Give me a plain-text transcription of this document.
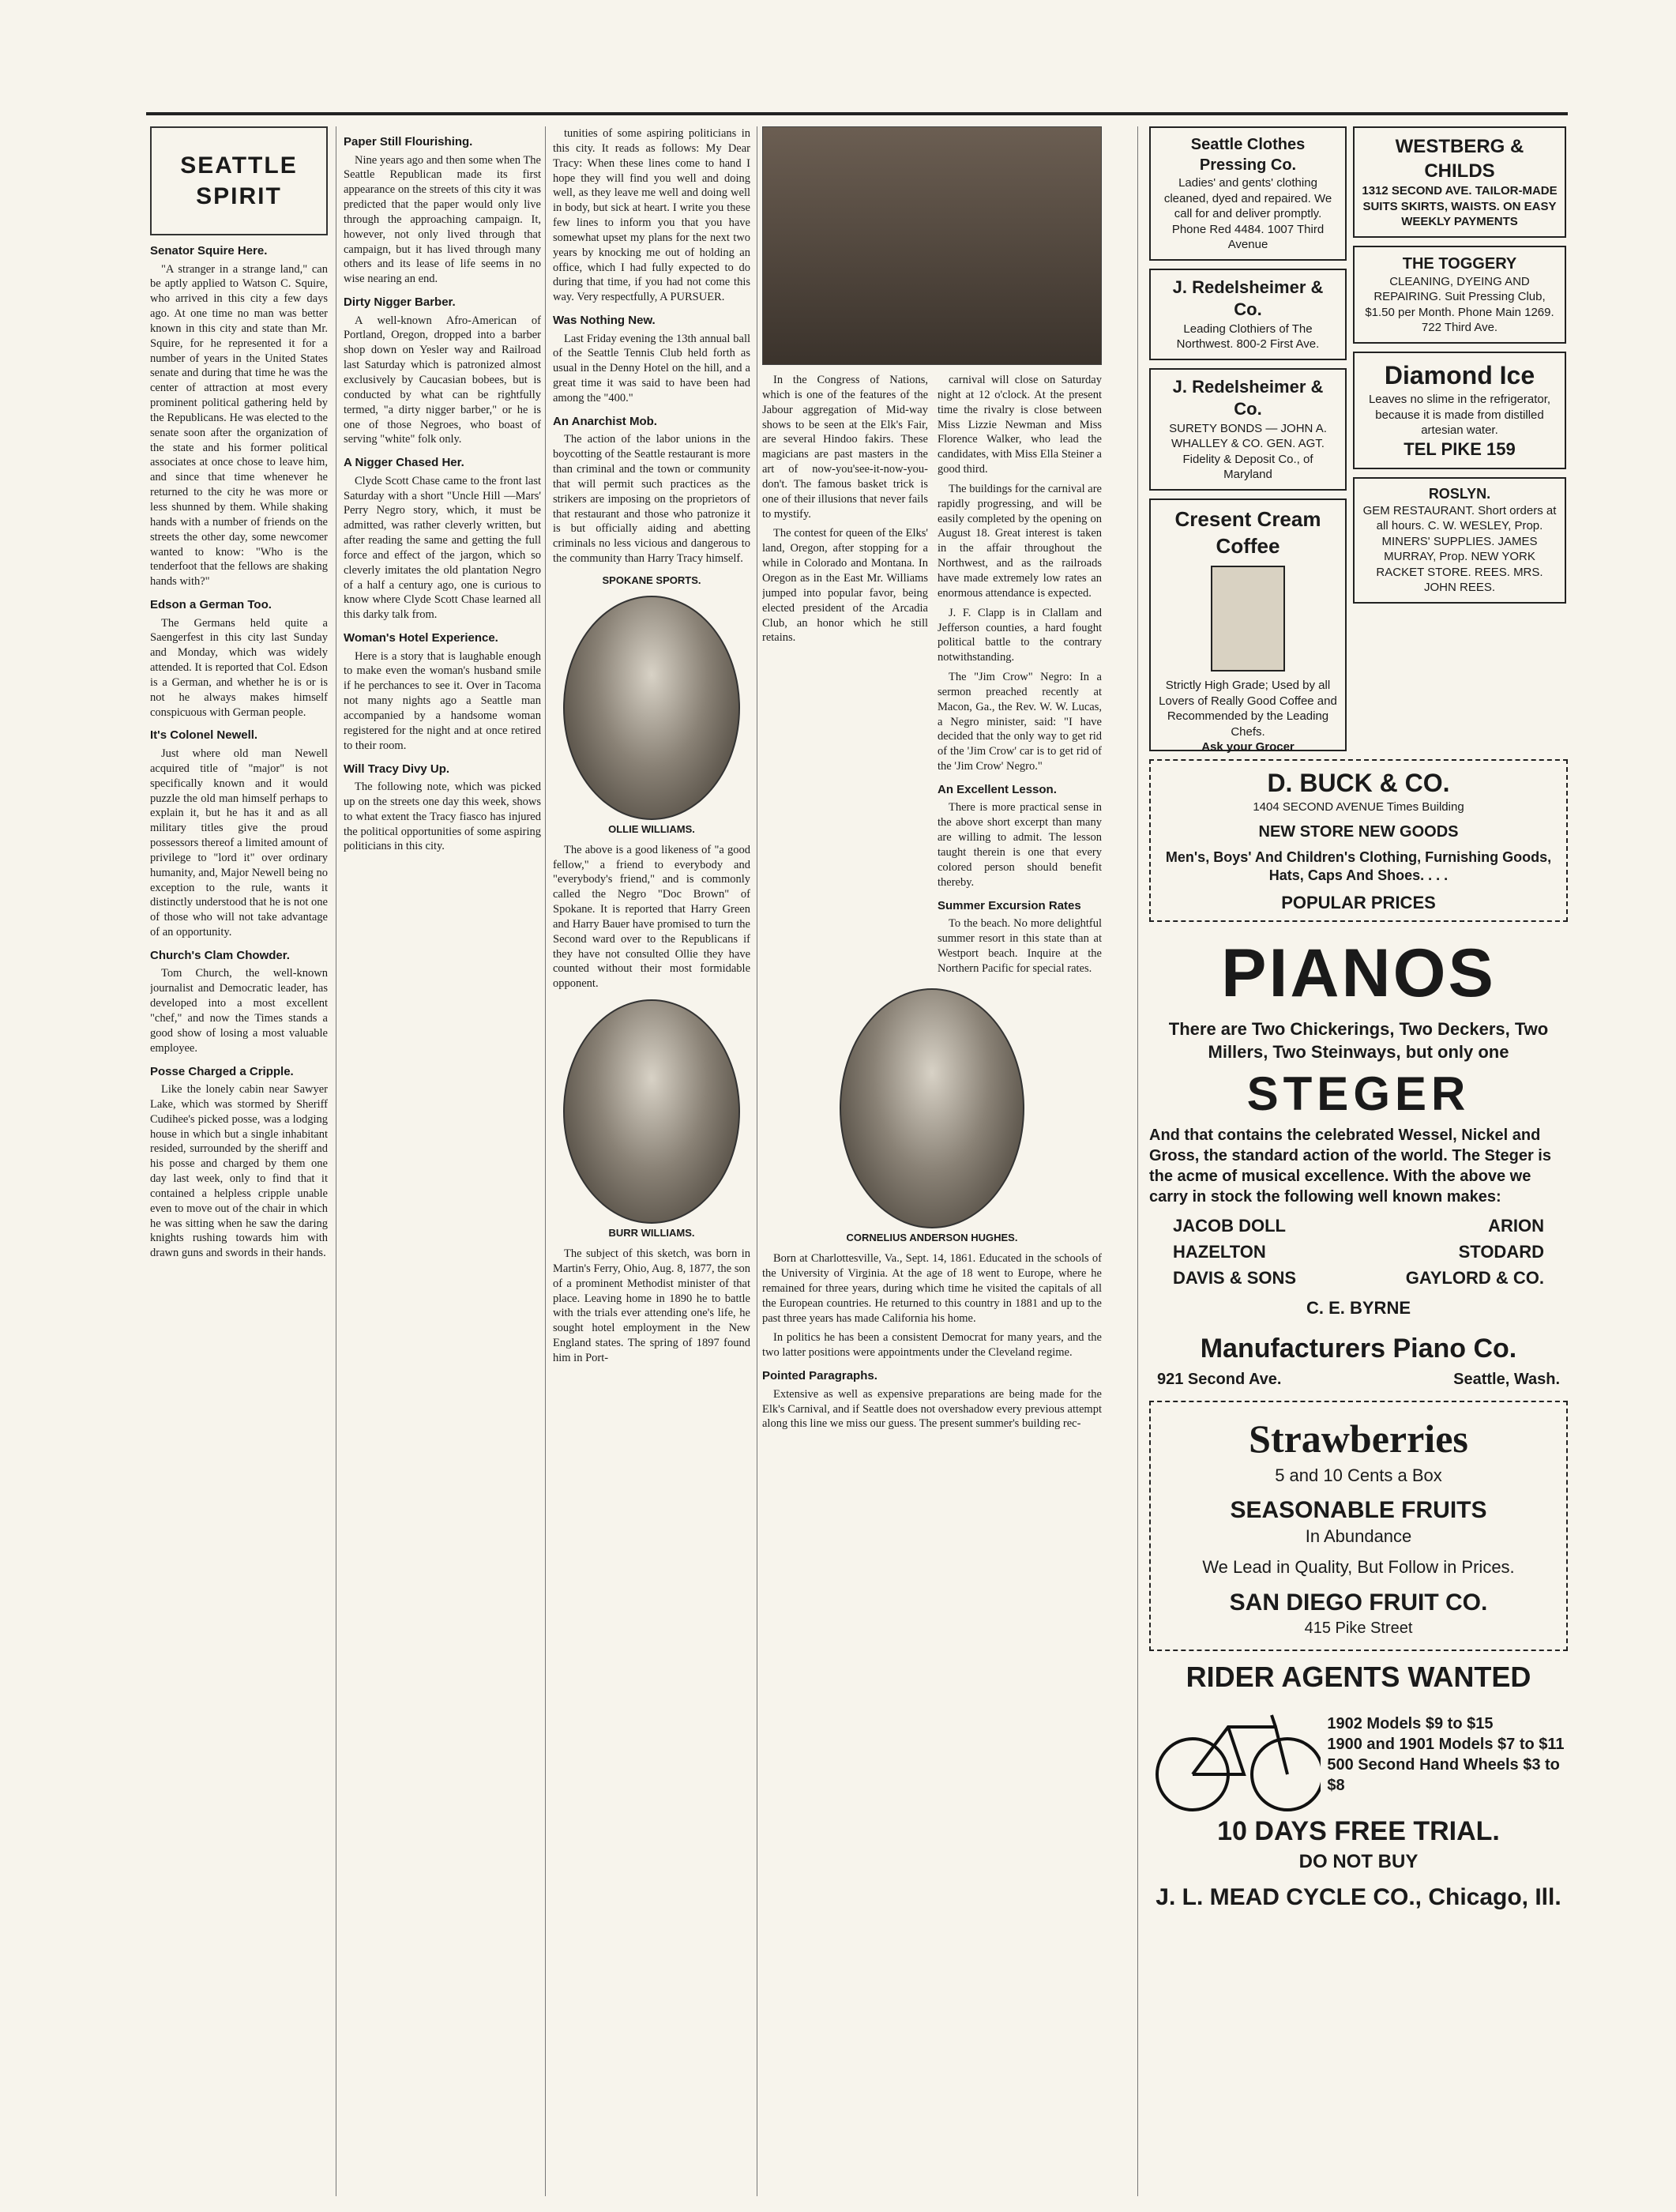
SEATTLE SPIRIT
Senator Squire Here.

"A stranger in a strange land," can be aptly applied to Watson C. Squire, who arrived in this city a few days ago. At one time no man was better known in this city and state than Mr. Squire, for he represented it for a number of years in the United States senate and during that time he was the center of attraction at most every prominent political gathering held by the Republicans. He was elected to the senate soon after the organization of the state and his former political associates at once chose to leave him, and since that time whenever he returned to the city he was more or less shunned by them. While shaking hands with a number of friends on the streets the other day, some newcomer wanted to know: "Who is the tenderfoot that the fellows are shaking hands with?"

Edson a German Too.

The Germans held quite a Saengerfest in this city last Sunday and Monday, which was widely attended. It is reported that Col. Edson is a German, and whether he is or is not he always makes himself conspicuous with German people.

It's Colonel Newell.

Just where old man Newell acquired title of "major" is not specifically known and it would puzzle the old man himself perhaps to explain it, but he has it and as all military titles give the proud possessors thereof a limited amount of privilege to "lord it" over ordinary humanity, and, Major Newell being no exception to the rule, wants it distinctly understood that he is not one of those who will not take advantage of an opportunity.

Church's Clam Chowder.

Tom Church, the well-known journalist and Democratic leader, has developed into a most excellent "chef," and now the Times stands a good show of losing a most valuable employee.

Posse Charged a Cripple.

Like the lonely cabin near Sawyer Lake, which was stormed by Sheriff Cudihee's picked posse, was a lodging house in which but a single inhabitant resided, surrounded by the sheriff and his posse and charged by them one day last week, only to find that it contained a helpless cripple unable even to move out of the chair in which he was sitting when he saw the daring knights rushing towards him with drawn guns and swords in their hands.

Paper Still Flourishing.

Nine years ago and then some when The Seattle Republican made its first appearance on the streets of this city it was predicted that the paper would only live through the approaching campaign. It, however, not only lived through that campaign, but it has lived through many others and its lease of life seems in no wise nearing an end.

Dirty Nigger Barber.

A well-known Afro-American of Portland, Oregon, dropped into a barber shop down on Yesler way and Railroad last Saturday which is patronized almost exclusively by Caucasian bobees, but is conducted by what can be rightfully termed, "a dirty nigger barber," or he is one of those Negroes, who boast of serving "white" folk only.

A Nigger Chased Her.

Clyde Scott Chase came to the front last Saturday with a short "Uncle Hill —Mars' Perry Negro story, which, it must be admitted, was rather cleverly written, but after reading the same and getting the full force and effect of the jargon, which so cleverly imitates the old plantation Negro of a half a century ago, one is curious to know where Clyde Scott Chase learned all this darky talk from.

Woman's Hotel Experience.

Here is a story that is laughable enough to make even the woman's husband smile if he perchances to see it. Over in Tacoma not many nights ago a Seattle man accompanied by a handsome woman registered for the night and at once retired to their room.

Will Tracy Divy Up.

The following note, which was picked up on the streets one day this week, shows to what extent the Tracy fiasco has injured the political opportunities of some aspiring politicians in this city.

tunities of some aspiring politicians in this city. It reads as follows: My Dear Tracy: When these lines come to hand I hope they will find you well and doing well, as they leave me well and doing well in body, but sick at heart. I write you these few lines to inform you that you have somewhat upset my plans for the next two years by knocking me out of holding an office, which I had fully expected to do during that time, if you had not come this way. Very respectfully, A PURSUER.

Was Nothing New.

Last Friday evening the 13th annual ball of the Seattle Tennis Club held forth as usual in the Denny Hotel on the hill, and a great time it was said to have been had among the "400."

An Anarchist Mob.

The action of the labor unions in the boycotting of the Seattle restaurant is more than criminal and the town or community that will permit such practices as the strikers are imposing on the proprietors of that restaurant and those who patronize it is but officially aiding and abetting criminals no less vicious and dangerous to the community than Harry Tracy himself.

SPOKANE SPORTS.
OLLIE WILLIAMS.

The above is a good likeness of "a good fellow," a friend to everybody and "everybody's friend," and is commonly called the Negro "Doc Brown" of Spokane. It is reported that Harry Green and Harry Bauer have promised to turn the Second ward over to the Republicans if they have not consulted Ollie they have counted without their most formidable opponent.

BURR WILLIAMS.

The subject of this sketch, was born in Martin's Ferry, Ohio, Aug. 8, 1877, the son of a prominent Methodist minister of that place. Leaving home in 1890 he to battle with the trials ever attending one's life, he sought hotel employment in the New England states. The spring of 1897 found him in Port-

In the Congress of Nations, which is one of the features of the Jabour aggregation of Mid-way shows to be seen at the Elk's Fair, are several Hindoo fakirs. These magicians are past masters in the art of now-you'see-it-now-you-don't. The famous basket trick is one of their illusions that never fails to mystify.

The contest for queen of the Elks' land, Oregon, after stopping for a while in Colorado and Montana. In Oregon as in the East Mr. Williams jumped into popular favor, being elected president of the Arcadia Club, an honor which he still retains.

carnival will close on Saturday night at 12 o'clock. At the present time the rivalry is close between Miss Lizzie Newman and Miss Florence Walker, who lead the candidates, with Miss Ella Steiner a good third.

The buildings for the carnival are rapidly progressing, and will be easily completed by the opening on August 18. Great interest is taken in the affair throughout the Northwest, and as the railroads have made extremely low rates an enormous attendance is expected.

J. F. Clapp is in Clallam and Jefferson counties, a hard fought political battle to the contrary notwithstanding.

The "Jim Crow" Negro: In a sermon preached recently at Macon, Ga., the Rev. W. W. Lucas, a Negro minister, said: "I have decided that the only way to get rid of the 'Jim Crow' car is to get rid of the 'Jim Crow' Negro."

An Excellent Lesson.

There is more practical sense in the above short excerpt than many are willing to admit. The lesson taught therein is one that every colored person should benefit thereby.

Summer Excursion Rates

To the beach. No more delightful summer resort in this state than at Westport beach. Inquire at the Northern Pacific for special rates.

CORNELIUS ANDERSON HUGHES.

Born at Charlottesville, Va., Sept. 14, 1861. Educated in the schools of the University of Virginia. At the age of 18 went to Europe, where he remained for three years, during which time he visited the capitals of all the European countries. He returned to this country in 1881 and up to the past three years has made California his home.

In politics he has been a consistent Democrat for many years, and the two latter positions were appointments under the Cleveland regime.

Pointed Paragraphs.

Extensive as well as expensive preparations are being made for the Elk's Carnival, and if Seattle does not overshadow every previous attempt along this line we miss our guess. The present summer's building rec-

Seattle Clothes Pressing Co.
Ladies' and gents' clothing cleaned, dyed and repaired. We call for and deliver promptly.
Phone Red 4484. 1007 Third Avenue
J. Redelsheimer & Co.
Leading Clothiers of The Northwest. 800-2 First Ave.
J. Redelsheimer & Co.
SURETY BONDS — JOHN A. WHALLEY & CO. GEN. AGT. Fidelity & Deposit Co., of Maryland
Cresent Cream Coffee
Strictly High Grade; Used by all Lovers of Really Good Coffee and Recommended by the Leading Chefs.
Ask your Grocer
WESTBERG & CHILDS
1312 SECOND AVE. TAILOR-MADE SUITS SKIRTS, WAISTS. ON EASY WEEKLY PAYMENTS
THE TOGGERY
CLEANING, DYEING AND REPAIRING. Suit Pressing Club, $1.50 per Month. Phone Main 1269. 722 Third Ave.
Diamond Ice
Leaves no slime in the refrigerator, because it is made from distilled artesian water.
TEL PIKE 159
ROSLYN.
GEM RESTAURANT. Short orders at all hours. C. W. WESLEY, Prop. MINERS' SUPPLIES. JAMES MURRAY, Prop. NEW YORK RACKET STORE. REES. MRS. JOHN REES.
D. BUCK & CO.
1404 SECOND AVENUE Times Building
NEW STORE NEW GOODS
Men's, Boys' And Children's Clothing, Furnishing Goods, Hats, Caps And Shoes. . . .
POPULAR PRICES
PIANOS
There are Two Chickerings, Two Deckers, Two Millers, Two Steinways, but only one
STEGER
And that contains the celebrated Wessel, Nickel and Gross, the standard action of the world. The Steger is the acme of musical excellence. With the above we carry in stock the following well known makes:
JACOB DOLL	ARION
HAZELTON	STODARD
DAVIS & SONS	GAYLORD & CO.
C. E. BYRNE
Manufacturers Piano Co.
921 Second Ave.	Seattle, Wash.
Strawberries
5 and 10 Cents a Box
SEASONABLE FRUITS
In Abundance
We Lead in Quality, But Follow in Prices.
SAN DIEGO FRUIT CO.
415 Pike Street
RIDER AGENTS WANTED
1902 Models $9 to $15
1900 and 1901 Models $7 to $11
500 Second Hand Wheels $3 to $8
10 DAYS FREE TRIAL.
DO NOT BUY
J. L. MEAD CYCLE CO., Chicago, Ill.
